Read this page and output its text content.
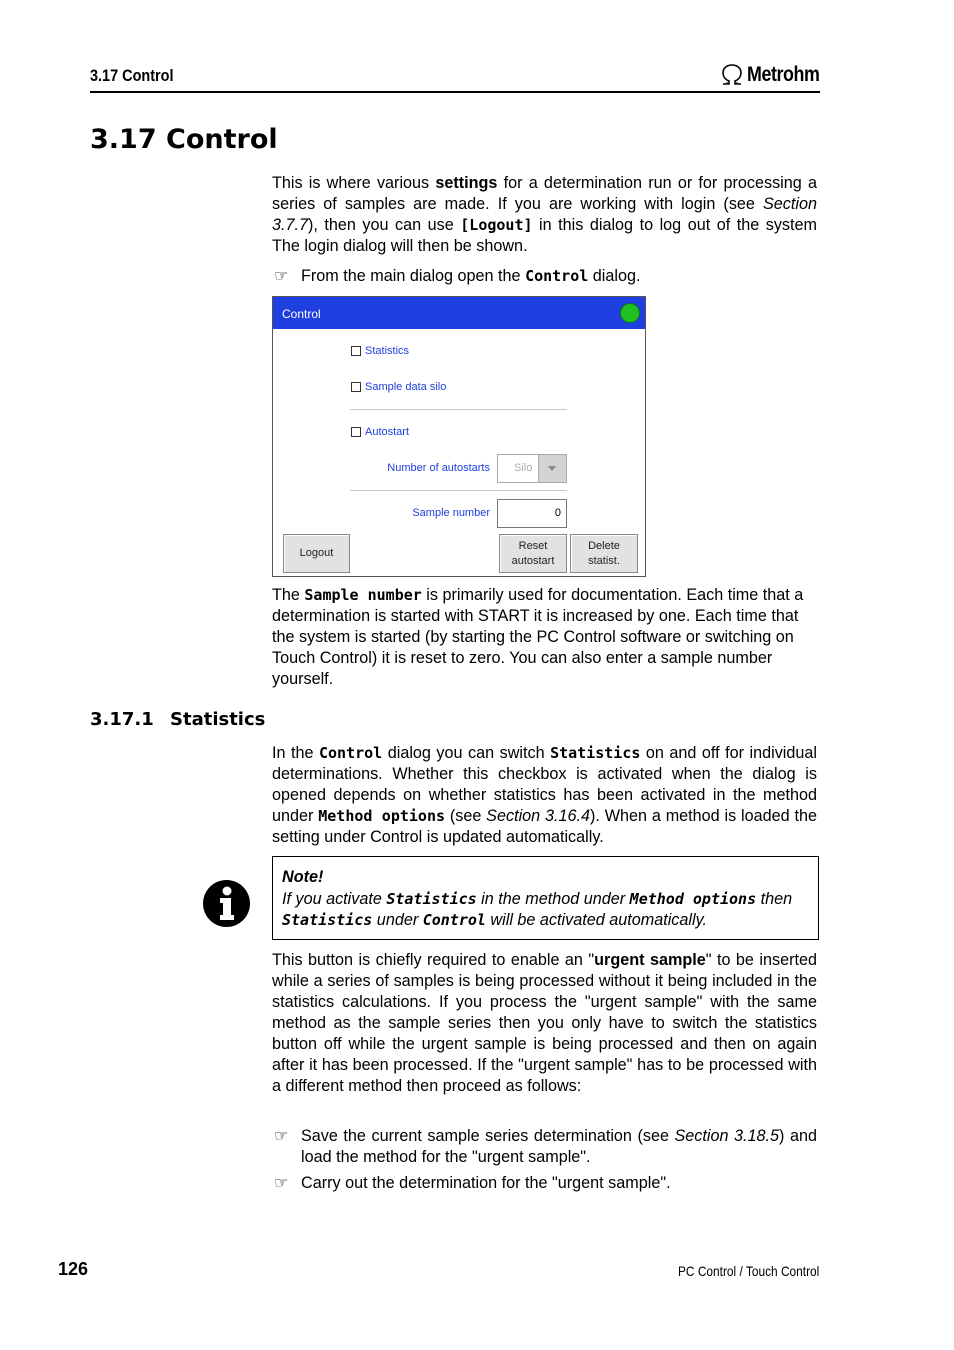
3.17 Control	Metrohm
3.17 Control
This is where various settings for a determination run or for processing a series of samples are made. If you are working with login (see Section 3.7.7), then you can use [Logout] in this dialog to log out of the system The login dialog will then be shown.
☞ From the main dialog open the Control dialog.
Control
Statistics
Sample data silo
Autostart
Number of autostarts Silo
Sample number	0
Logout
Reset
autostart
Delete
statist.
The Sample number is primarily used for documentation. Each time that a determination is started with START it is increased by one. Each time that the system is started (by starting the PC Control software or switching on Touch Control) it is reset to zero. You can also enter a sample number yourself.
3.17.1 Statistics
In the Control dialog you can switch Statistics on and off for individual determinations. Whether this checkbox is activated when the dialog is opened depends on whether statistics has been activated in the method under Method options (see Section 3.16.4). When a method is loaded the setting under Control is updated automatically.
Note!
If you activate Statistics in the method under Method options then Statistics under Control will be activated automatically.
This button is chiefly required to enable an "urgent sample" to be inserted while a series of samples is being processed without it being included in the statistics calculations. If you process the "urgent sample" with the same method as the sample series then you only have to switch the statistics button off while the urgent sample is being processed and then on again after it has been processed. If the "urgent sample" has to be processed with a different method then proceed as follows:
☞ Save the current sample series determination (see Section 3.18.5) and load the method for the "urgent sample".
☞ Carry out the determination for the "urgent sample".
126	PC Control / Touch Control
